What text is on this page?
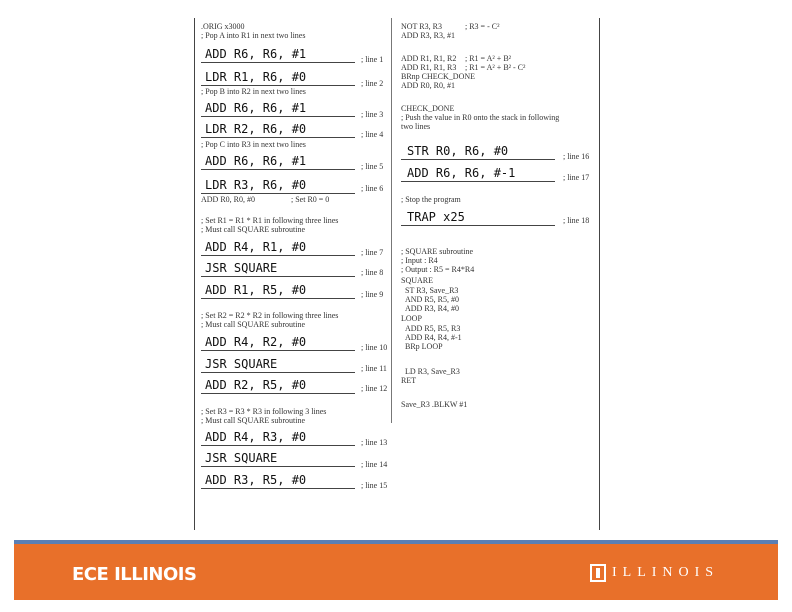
.ORIG x3000
; Pop A into R1 in next two lines
ADD R6, R6, #1	; line 1
LDR R1, R6, #0	; line 2
; Pop B into R2 in next two lines
ADD R6, R6, #1	; line 3
LDR R2, R6, #0	; line 4
; Pop C into R3 in next two lines
ADD R6, R6, #1	; line 5
LDR R3, R6, #0	; line 6
ADD R0, R0, #0	; Set R0 = 0
; Set R1 = R1 * R1 in following three lines
; Must call SQUARE subroutine
ADD R4, R1, #0	; line 7
JSR SQUARE	; line 8
ADD R1, R5, #0	; line 9
; Set R2 = R2 * R2 in following three lines
; Must call SQUARE subroutine
ADD R4, R2, #0	; line 10
JSR SQUARE	; line 11
ADD R2, R5, #0	; line 12
; Set R3 = R3 * R3 in following 3 lines
; Must call SQUARE subroutine
ADD R4, R3, #0	; line 13
JSR SQUARE	; line 14
ADD R3, R5, #0	; line 15
NOT R3, R3	; R3 = - C²
ADD R3, R3, #1
ADD R1, R1, R2 ; R1 = A² + B²
ADD R1, R1, R3 ; R1 = A² + B² - C²
BRnp CHECK_DONE
ADD R0, R0, #1
CHECK_DONE
; Push the value in R0 onto the stack in following
two lines
STR R0, R6, #0	; line 16
ADD R6, R6, #-1	; line 17
; Stop the program
TRAP x25	; line 18
; SQUARE subroutine
; Input : R4
; Output : R5 = R4*R4
SQUARE
ST R3, Save_R3
AND R5, R5, #0
ADD R3, R4, #0
LOOP
ADD R5, R5, R3
ADD R4, R4, #-1
BRp LOOP
LD R3, Save_R3
RET
Save_R3 .BLKW #1
ECE ILLINOIS	ILLINOIS
